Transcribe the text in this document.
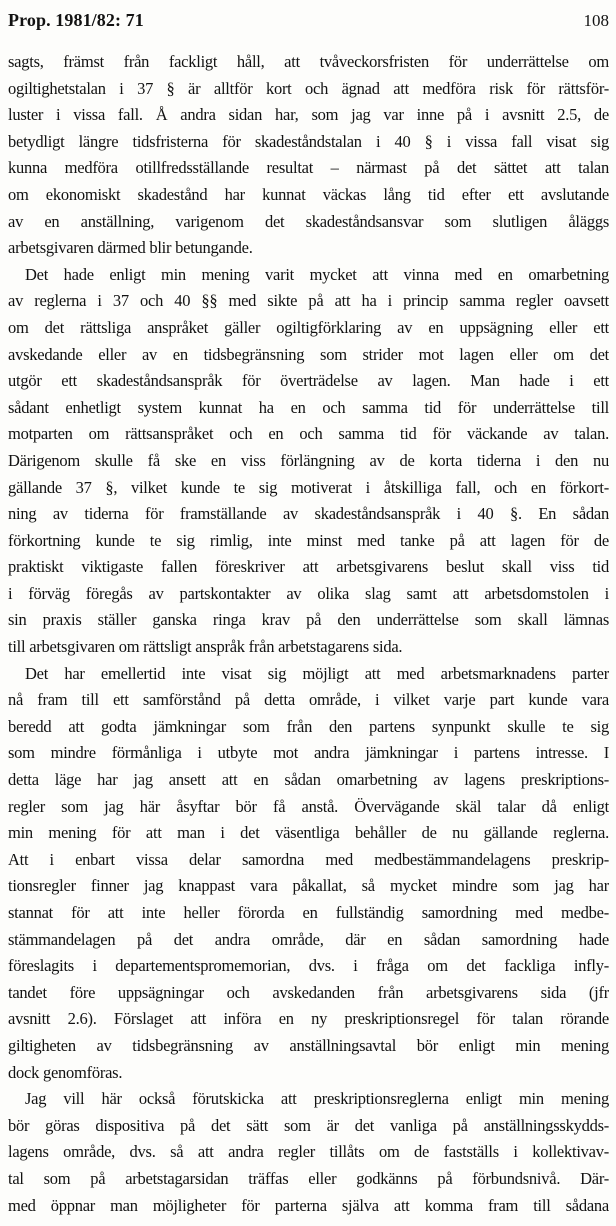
Prop. 1981/82: 71	108
sagts, främst från fackligt håll, att tvåveckorsfristen för underrättelse om
ogiltighetstalan i 37 § är alltför kort och ägnad att medföra risk för rättsför-
luster i vissa fall. Å andra sidan har, som jag var inne på i avsnitt 2.5, de
betydligt längre tidsfristerna för skadeståndstalan i 40 § i vissa fall visat sig
kunna medföra otillfredsställande resultat – närmast på det sättet att talan
om ekonomiskt skadestånd har kunnat väckas lång tid efter ett avslutande
av en anställning, varigenom det skadeståndsansvar som slutligen åläggs
arbetsgivaren därmed blir betungande.
Det hade enligt min mening varit mycket att vinna med en omarbetning
av reglerna i 37 och 40 §§ med sikte på att ha i princip samma regler oavsett
om det rättsliga anspråket gäller ogiltigförklaring av en uppsägning eller ett
avskedande eller av en tidsbegränsning som strider mot lagen eller om det
utgör ett skadeståndsanspråk för överträdelse av lagen. Man hade i ett
sådant enhetligt system kunnat ha en och samma tid för underrättelse till
motparten om rättsanspråket och en och samma tid för väckande av talan.
Därigenom skulle få ske en viss förlängning av de korta tiderna i den nu
gällande 37 §, vilket kunde te sig motiverat i åtskilliga fall, och en förkort-
ning av tiderna för framställande av skadeståndsanspråk i 40 §. En sådan
förkortning kunde te sig rimlig, inte minst med tanke på att lagen för de
praktiskt viktigaste fallen föreskriver att arbetsgivarens beslut skall viss tid
i förväg föregås av partskontakter av olika slag samt att arbetsdomstolen i
sin praxis ställer ganska ringa krav på den underrättelse som skall lämnas
till arbetsgivaren om rättsligt anspråk från arbetstagarens sida.
Det har emellertid inte visat sig möjligt att med arbetsmarknadens parter
nå fram till ett samförstånd på detta område, i vilket varje part kunde vara
beredd att godta jämkningar som från den partens synpunkt skulle te sig
som mindre förmånliga i utbyte mot andra jämkningar i partens intresse. I
detta läge har jag ansett att en sådan omarbetning av lagens preskriptions-
regler som jag här åsyftar bör få anstå. Övervägande skäl talar då enligt
min mening för att man i det väsentliga behåller de nu gällande reglerna.
Att i enbart vissa delar samordna med medbestämmandelagens preskrip-
tionsregler finner jag knappast vara påkallat, så mycket mindre som jag har
stannat för att inte heller förorda en fullständig samordning med medbe-
stämmandelagen på det andra område, där en sådan samordning hade
föreslagits i departementspromemorian, dvs. i fråga om det fackliga infly-
tandet före uppsägningar och avskedanden från arbetsgivarens sida (jfr
avsnitt 2.6). Förslaget att införa en ny preskriptionsregel för talan rörande
giltigheten av tidsbegränsning av anställningsavtal bör enligt min mening
dock genomföras.
Jag vill här också förutskicka att preskriptionsreglerna enligt min mening
bör göras dispositiva på det sätt som är det vanliga på anställningsskydds-
lagens område, dvs. så att andra regler tillåts om de fastställs i kollektivav-
tal som på arbetstagarsidan träffas eller godkänns på förbundsnivå. Där-
med öppnar man möjligheter för parterna själva att komma fram till sådana
